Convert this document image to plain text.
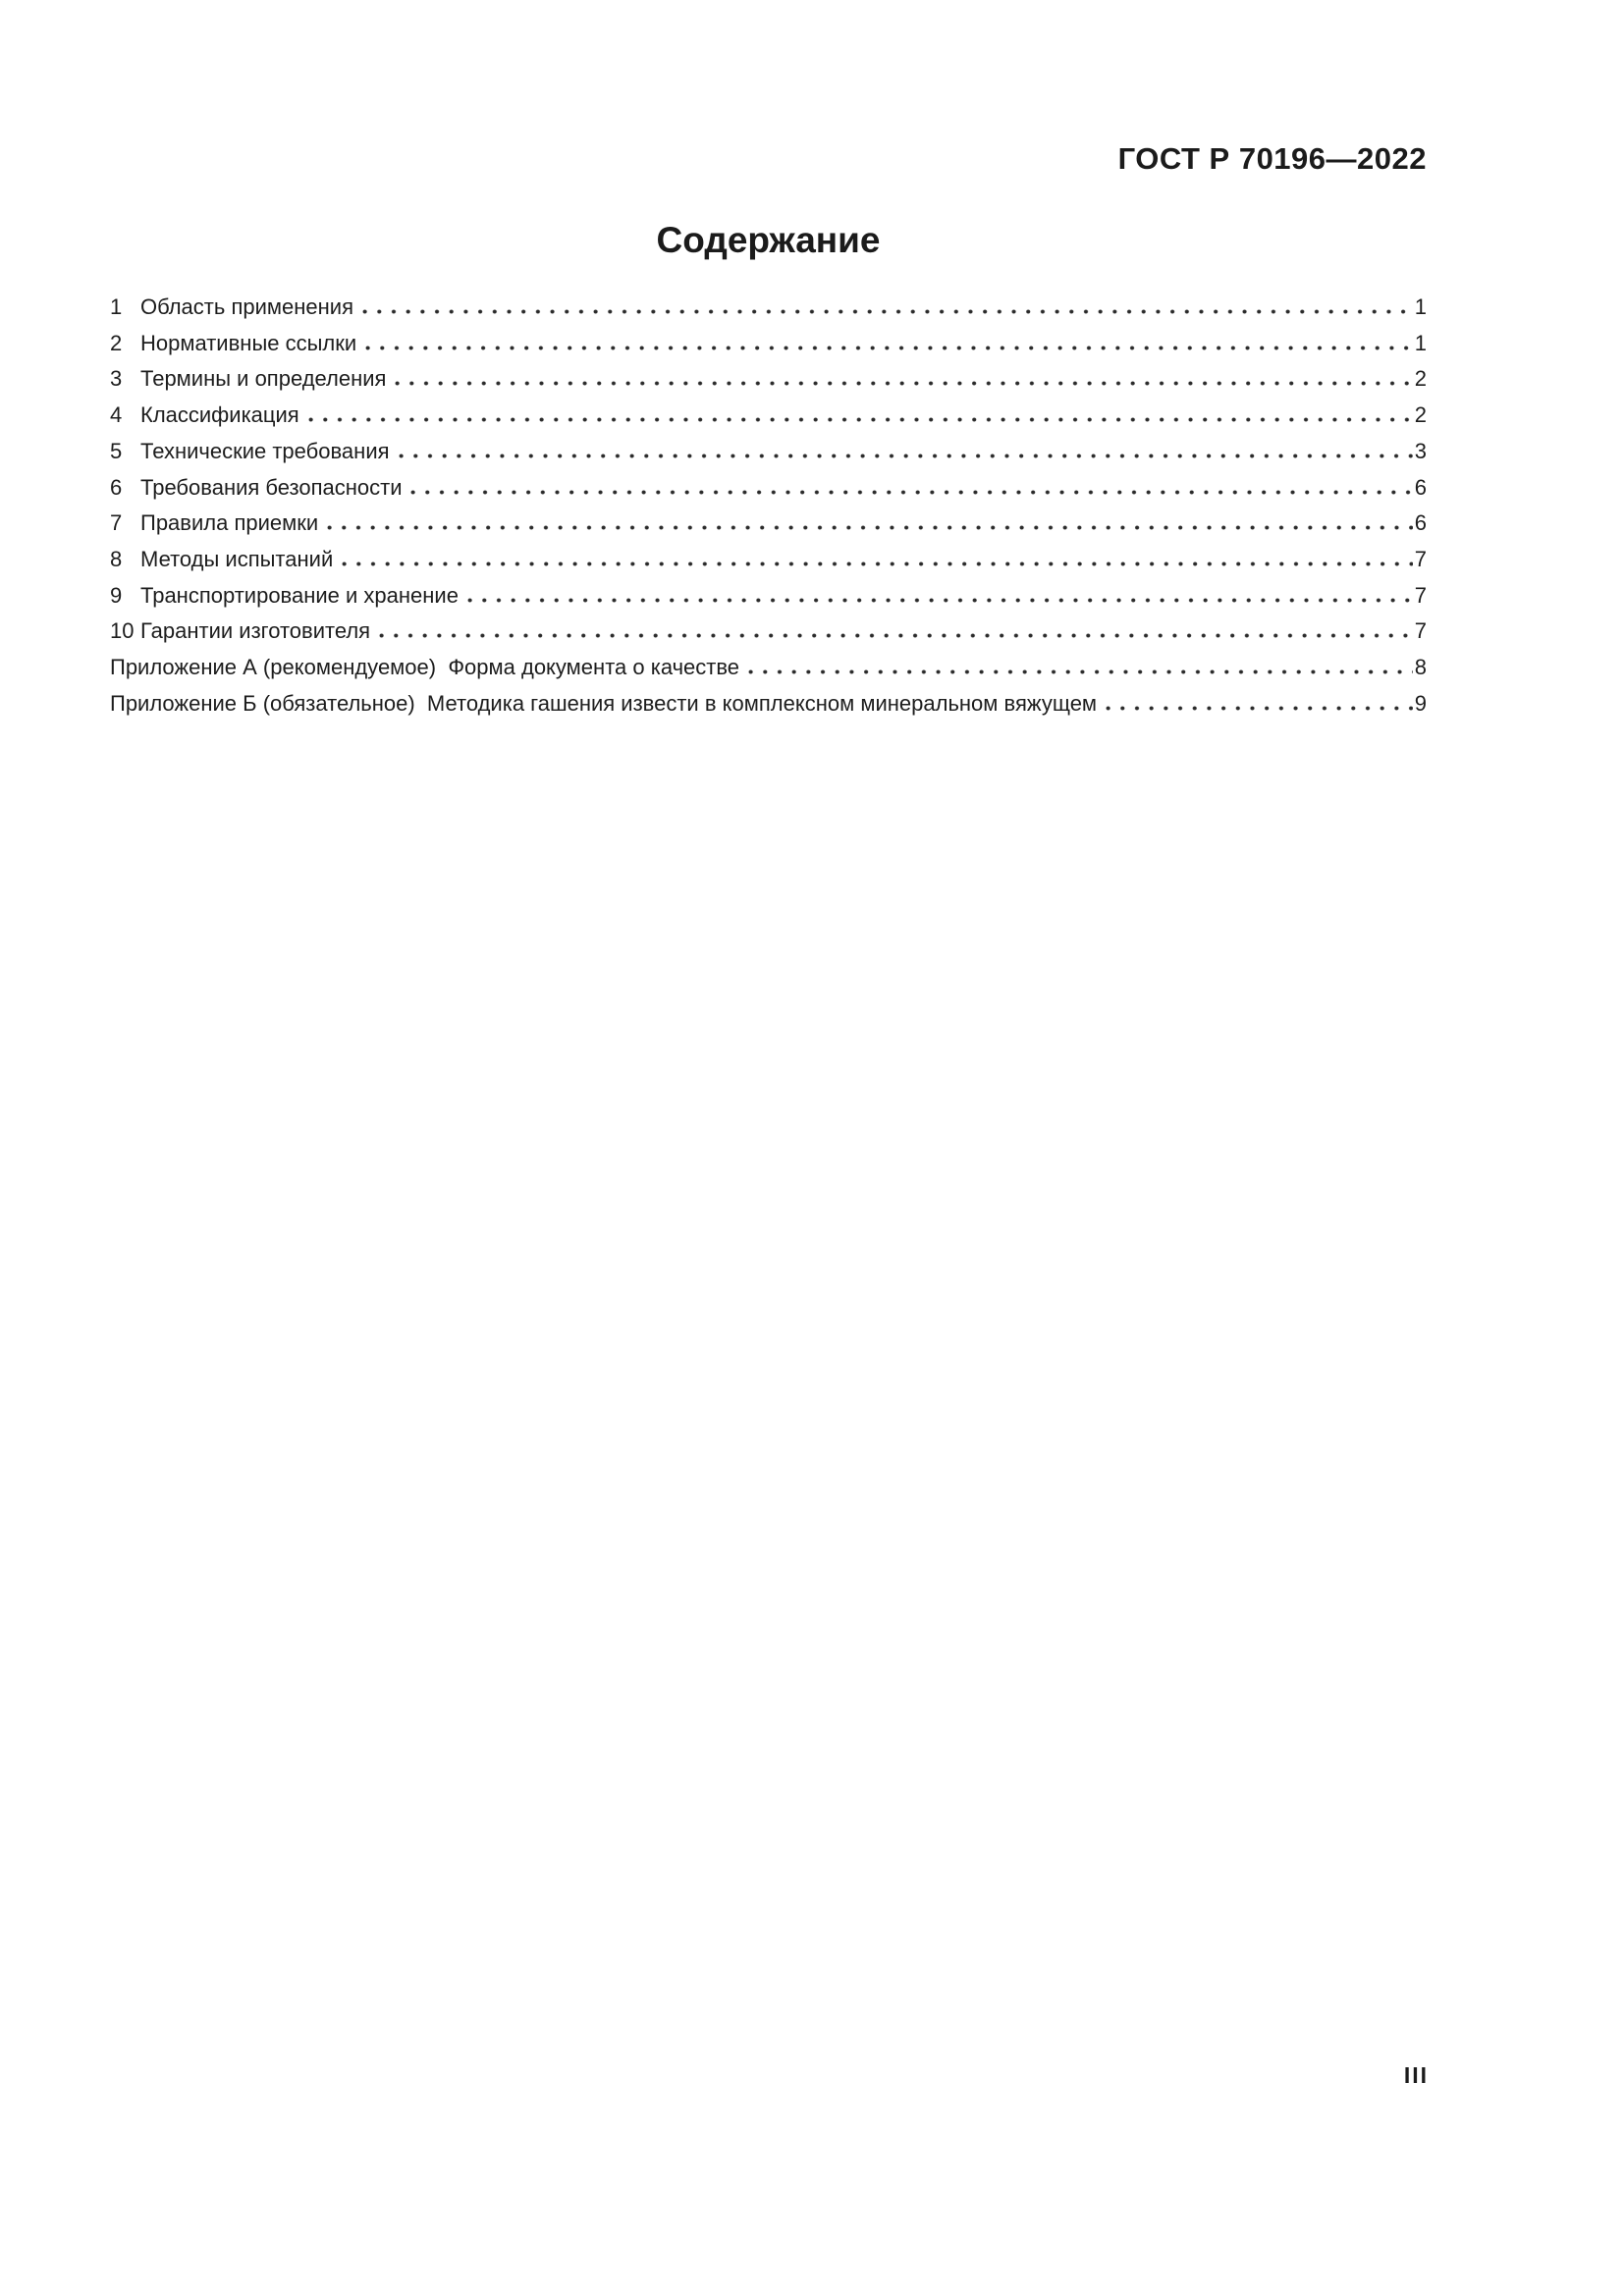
ГОСТ Р 70196—2022
Содержание
1 Область применения	1
2 Нормативные ссылки	1
3 Термины и определения	2
4 Классификация	2
5 Технические требования	3
6 Требования безопасности	6
7 Правила приемки	6
8 Методы испытаний	7
9 Транспортирование и хранение	7
10 Гарантии изготовителя	7
Приложение А (рекомендуемое)  Форма документа о качестве	8
Приложение Б (обязательное)  Методика гашения извести в комплексном минеральном вяжущем	9
III
